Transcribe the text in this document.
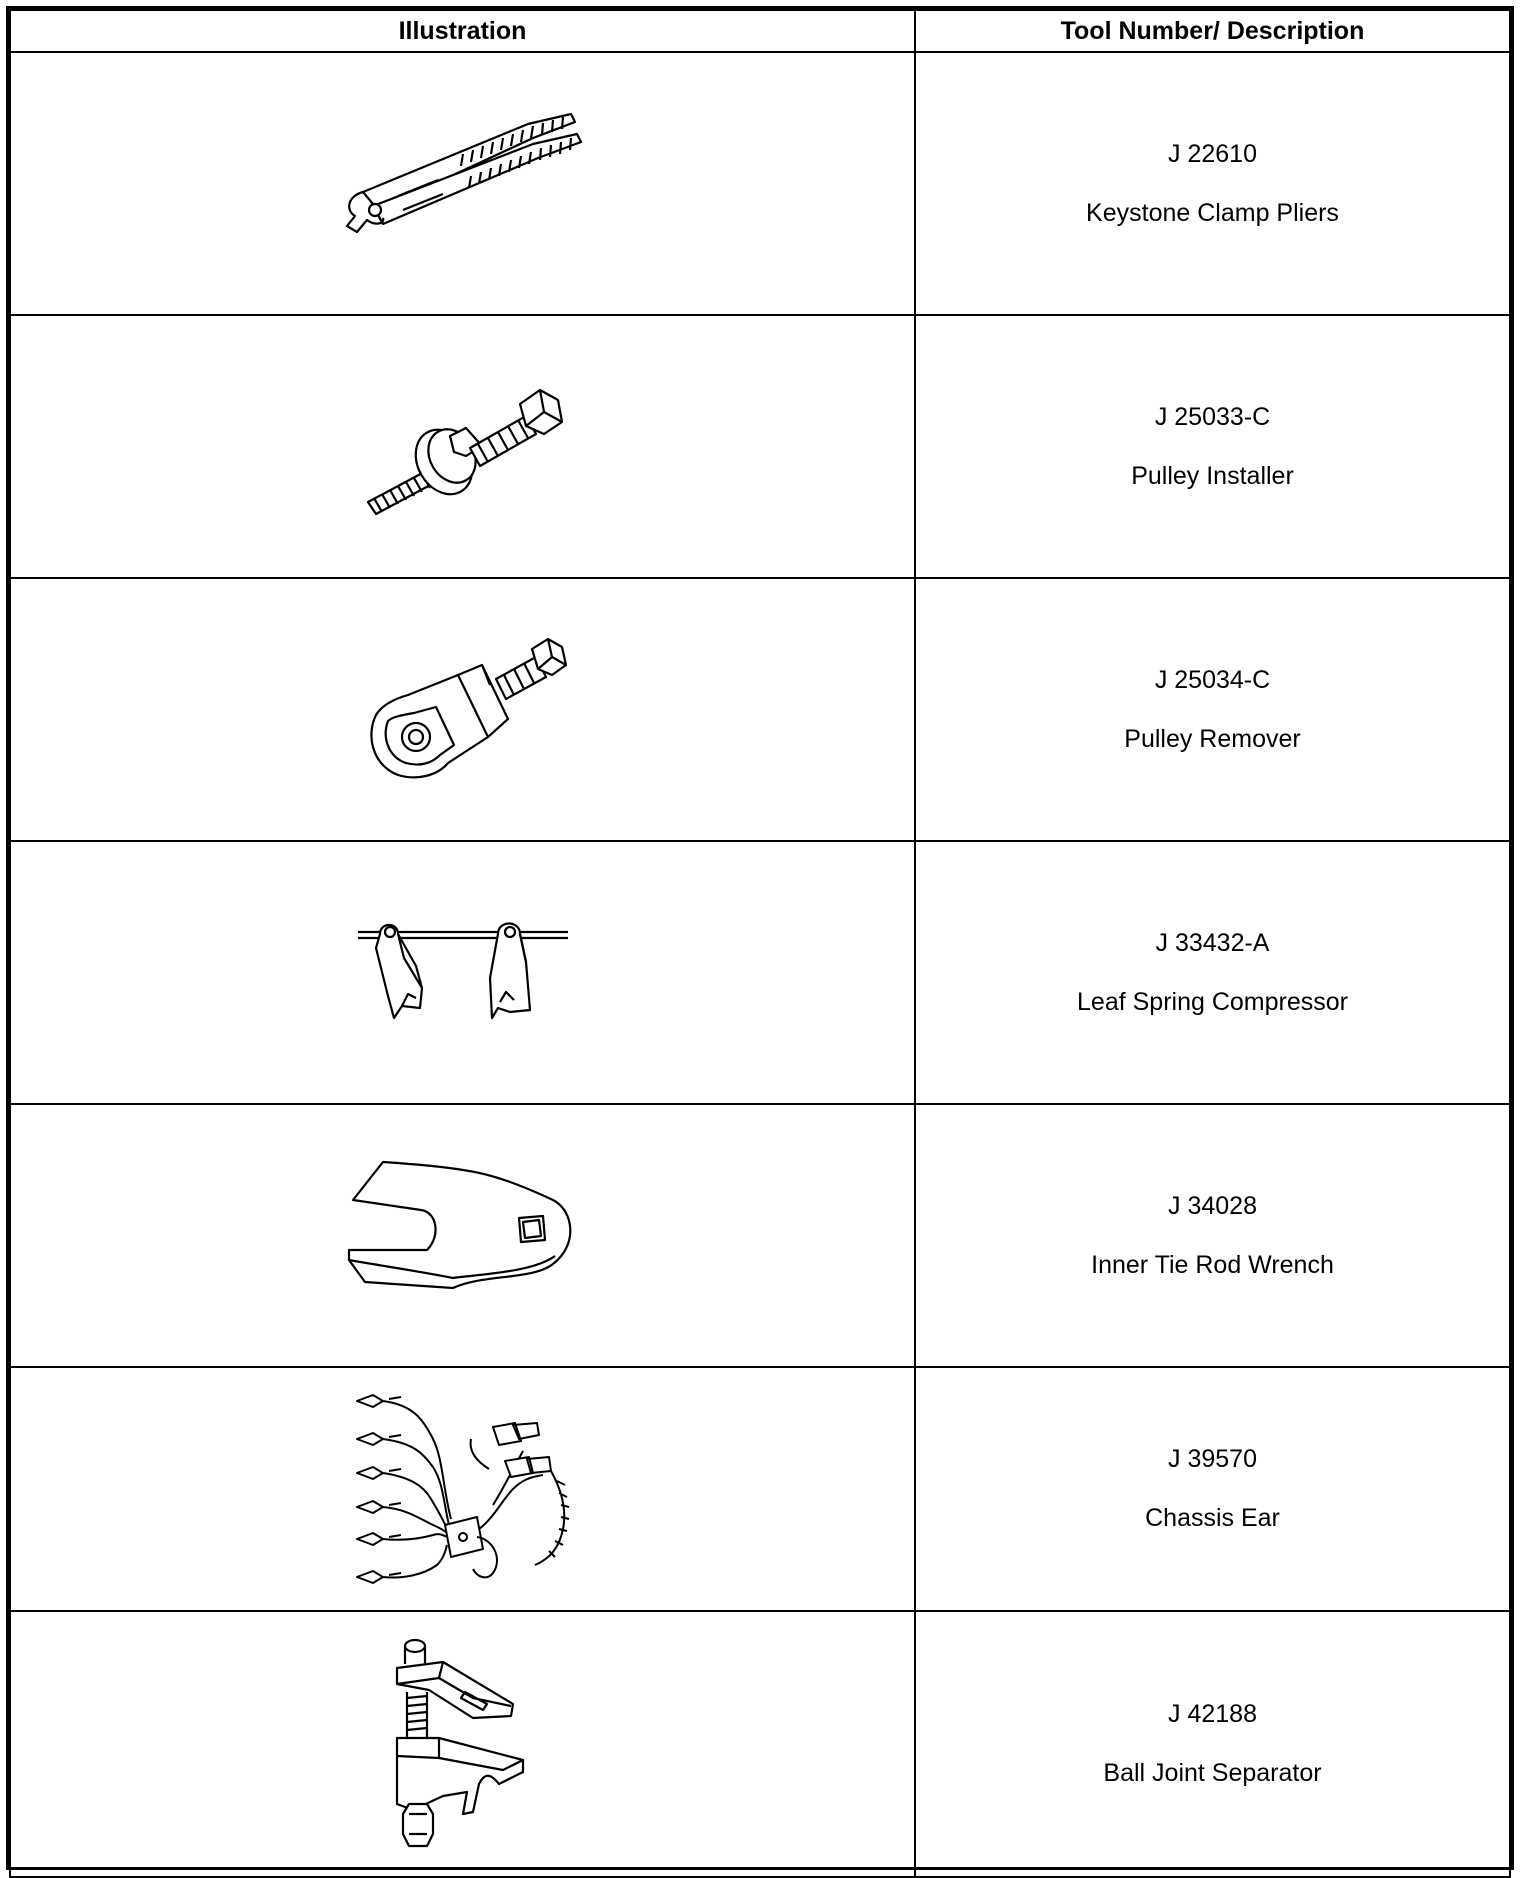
Illustration	Tool Number/ Description

J 22610
Keystone Clamp Pliers

J 25033-C
Pulley Installer

J 25034-C
Pulley Remover

J 33432-A
Leaf Spring Compressor

J 34028
Inner Tie Rod Wrench

J 39570
Chassis Ear

J 42188
Ball Joint Separator
